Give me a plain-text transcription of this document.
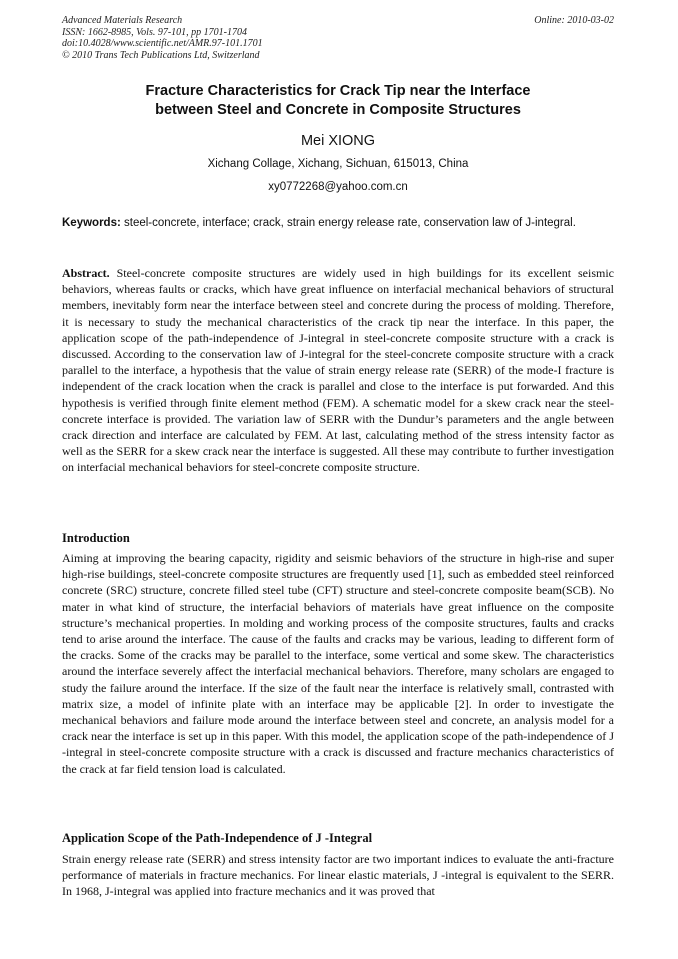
Advanced Materials Research
ISSN: 1662-8985, Vols. 97-101, pp 1701-1704
doi:10.4028/www.scientific.net/AMR.97-101.1701
© 2010 Trans Tech Publications Ltd, Switzerland
Online: 2010-03-02
Fracture Characteristics for Crack Tip near the Interface
between Steel and Concrete in Composite Structures
Mei XIONG
Xichang Collage, Xichang, Sichuan, 615013, China
xy0772268@yahoo.com.cn
Keywords: steel-concrete, interface; crack, strain energy release rate, conservation law of J-integral.
Abstract. Steel-concrete composite structures are widely used in high buildings for its excellent seismic behaviors, whereas faults or cracks, which have great influence on interfacial mechanical behaviors of structural members, inevitably form near the interface between steel and concrete during the process of molding. Therefore, it is necessary to study the mechanical characteristics of the crack tip near the interface. In this paper, the application scope of the path-independence of J-integral in steel-concrete composite structure with a crack is discussed. According to the conservation law of J-integral for the steel-concrete composite structure with a crack parallel to the interface, a hypothesis that the value of strain energy release rate (SERR) of the mode-I fracture is independent of the crack location when the crack is parallel and close to the interface is put forwarded. And this hypothesis is verified through finite element method (FEM). A schematic model for a skew crack near the steel-concrete interface is provided. The variation law of SERR with the Dundur’s parameters and the angle between crack direction and interface are calculated by FEM. At last, calculating method of the stress intensity factor as well as the SERR for a skew crack near the interface is suggested. All these may contribute to further investigation on interfacial mechanical behaviors for steel-concrete composite structure.
Introduction
Aiming at improving the bearing capacity, rigidity and seismic behaviors of the structure in high-rise and super high-rise buildings, steel-concrete composite structures are frequently used [1], such as embedded steel reinforced concrete (SRC) structure, concrete filled steel tube (CFT) structure and steel-concrete composite beam(SCB). No mater in what kind of structure, the interfacial behaviors of materials have great influence on the composite structure’s mechanical properties. In molding and working process of the composite structures, faults and cracks tend to arise around the interface. The cause of the faults and cracks may be various, leading to different form of the cracks. Some of the cracks may be parallel to the interface, some vertical and some skew. The characteristics around the interface severely affect the interfacial mechanical behaviors. Therefore, many scholars are engaged to study the failure around the interface. If the size of the fault near the interface is relatively small, contrasted with matrix size, a model of infinite plate with an interface may be applicable [2]. In order to investigate the mechanical behaviors and failure mode around the interface between steel and concrete, an analysis model for a crack near the interface is set up in this paper. With this model, the application scope of the path-independence of J -integral in steel-concrete composite structure with a crack is discussed and fracture mechanics characteristics of the crack at far field tension load is calculated.
Application Scope of the Path-Independence of J -Integral
Strain energy release rate (SERR) and stress intensity factor are two important indices to evaluate the anti-fracture performance of materials in fracture mechanics. For linear elastic materials, J -integral is equivalent to the SERR. In 1968, J-integral was applied into fracture mechanics and it was proved that
